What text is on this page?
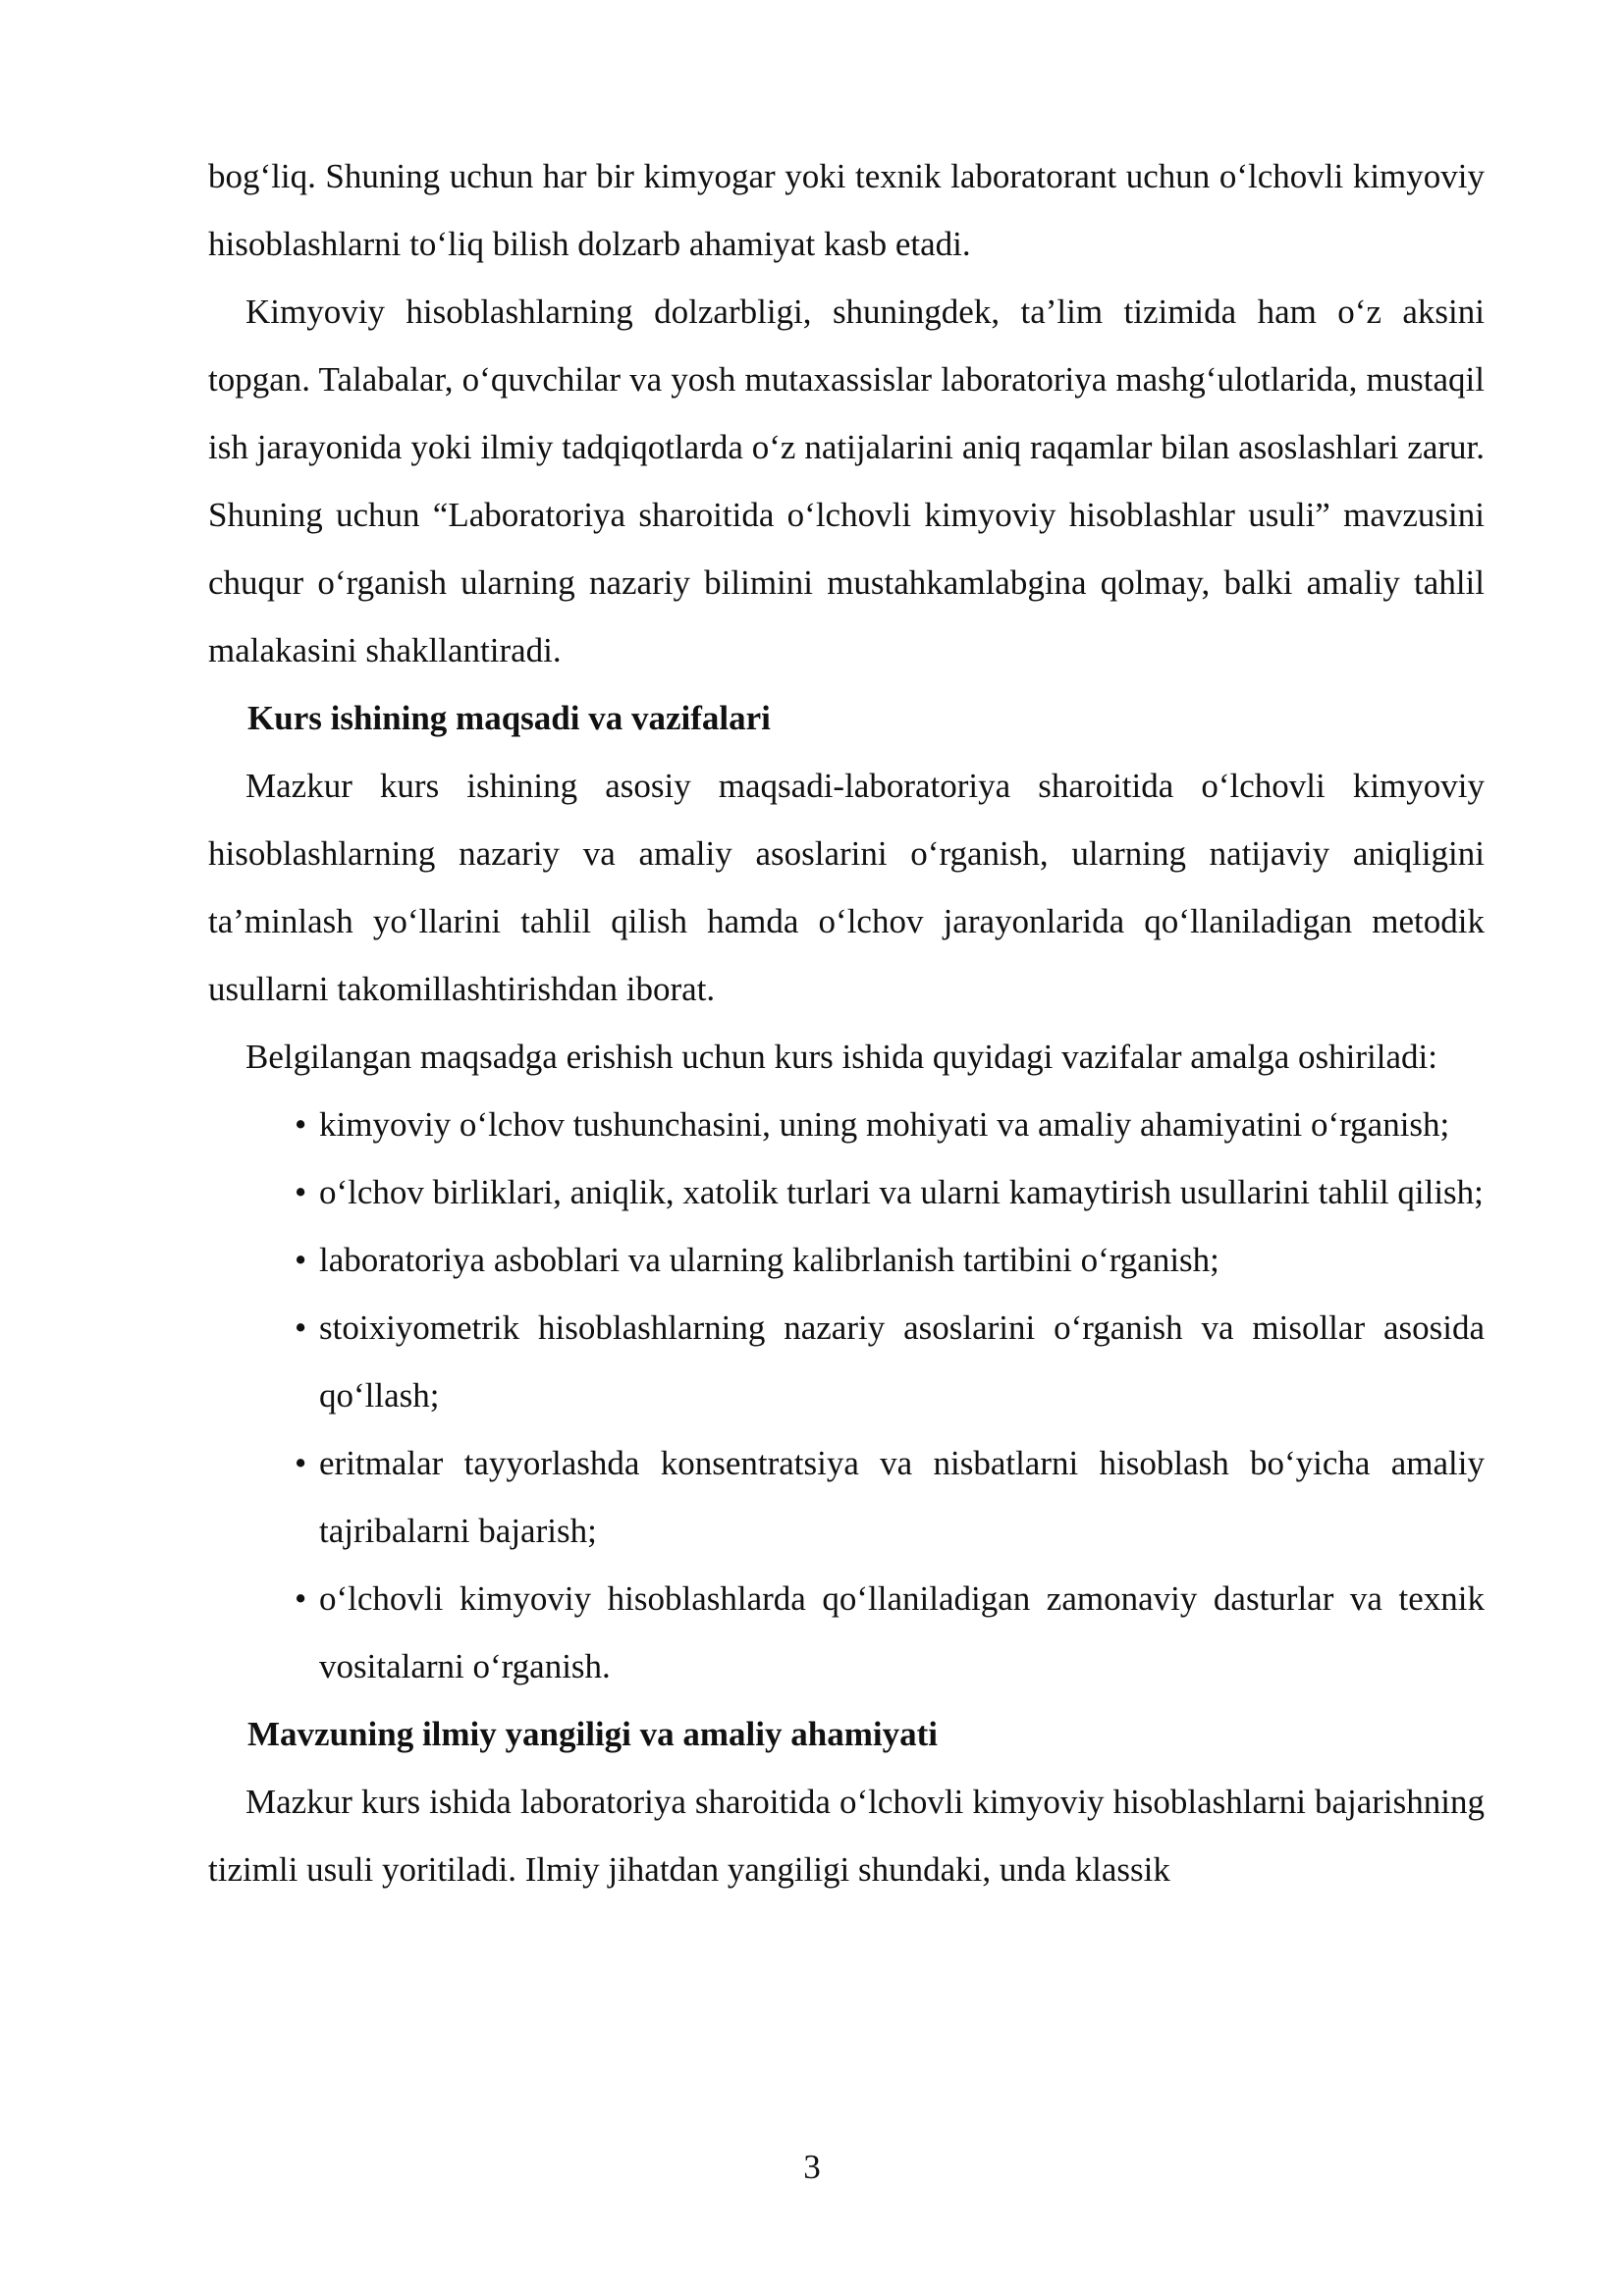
bog‘liq. Shuning uchun har bir kimyogar yoki texnik laboratorant uchun o‘lchovli kimyoviy hisoblashlarni to‘liq bilish dolzarb ahamiyat kasb etadi.

Kimyoviy hisoblashlarning dolzarbligi, shuningdek, ta’lim tizimida ham o‘z aksini topgan. Talabalar, o‘quvchilar va yosh mutaxassislar laboratoriya mashg‘ulotlarida, mustaqil ish jarayonida yoki ilmiy tadqiqotlarda o‘z natijalarini aniq raqamlar bilan asoslashlari zarur. Shuning uchun “Laboratoriya sharoitida o‘lchovli kimyoviy hisoblashlar usuli” mavzusini chuqur o‘rganish ularning nazariy bilimini mustahkamlabgina qolmay, balki amaliy tahlil malakasini shakllantiradi.

Kurs ishining maqsadi va vazifalari

Mazkur kurs ishining asosiy maqsadi-laboratoriya sharoitida o‘lchovli kimyoviy hisoblashlarning nazariy va amaliy asoslarini o‘rganish, ularning natijaviy aniqligini ta’minlash yo‘llarini tahlil qilish hamda o‘lchov jarayonlarida qo‘llaniladigan metodik usullarni takomillashtirishdan iborat.

Belgilangan maqsadga erishish uchun kurs ishida quyidagi vazifalar amalga oshiriladi:

• kimyoviy o‘lchov tushunchasini, uning mohiyati va amaliy ahamiyatini o‘rganish;
• o‘lchov birliklari, aniqlik, xatolik turlari va ularni kamaytirish usullarini tahlil qilish;
• laboratoriya asboblari va ularning kalibrlanish tartibini o‘rganish;
• stoixiyometrik hisoblashlarning nazariy asoslarini o‘rganish va misollar asosida qo‘llash;
• eritmalar tayyorlashda konsentratsiya va nisbatlarni hisoblash bo‘yicha amaliy tajribalarni bajarish;
• o‘lchovli kimyoviy hisoblashlarda qo‘llaniladigan zamonaviy dasturlar va texnik vositalarni o‘rganish.
Mavzuning ilmiy yangiligi va amaliy ahamiyati

Mazkur kurs ishida laboratoriya sharoitida o‘lchovli kimyoviy hisoblashlarni bajarishning tizimli usuli yoritiladi. Ilmiy jihatdan yangiligi shundaki, unda klassik

3
